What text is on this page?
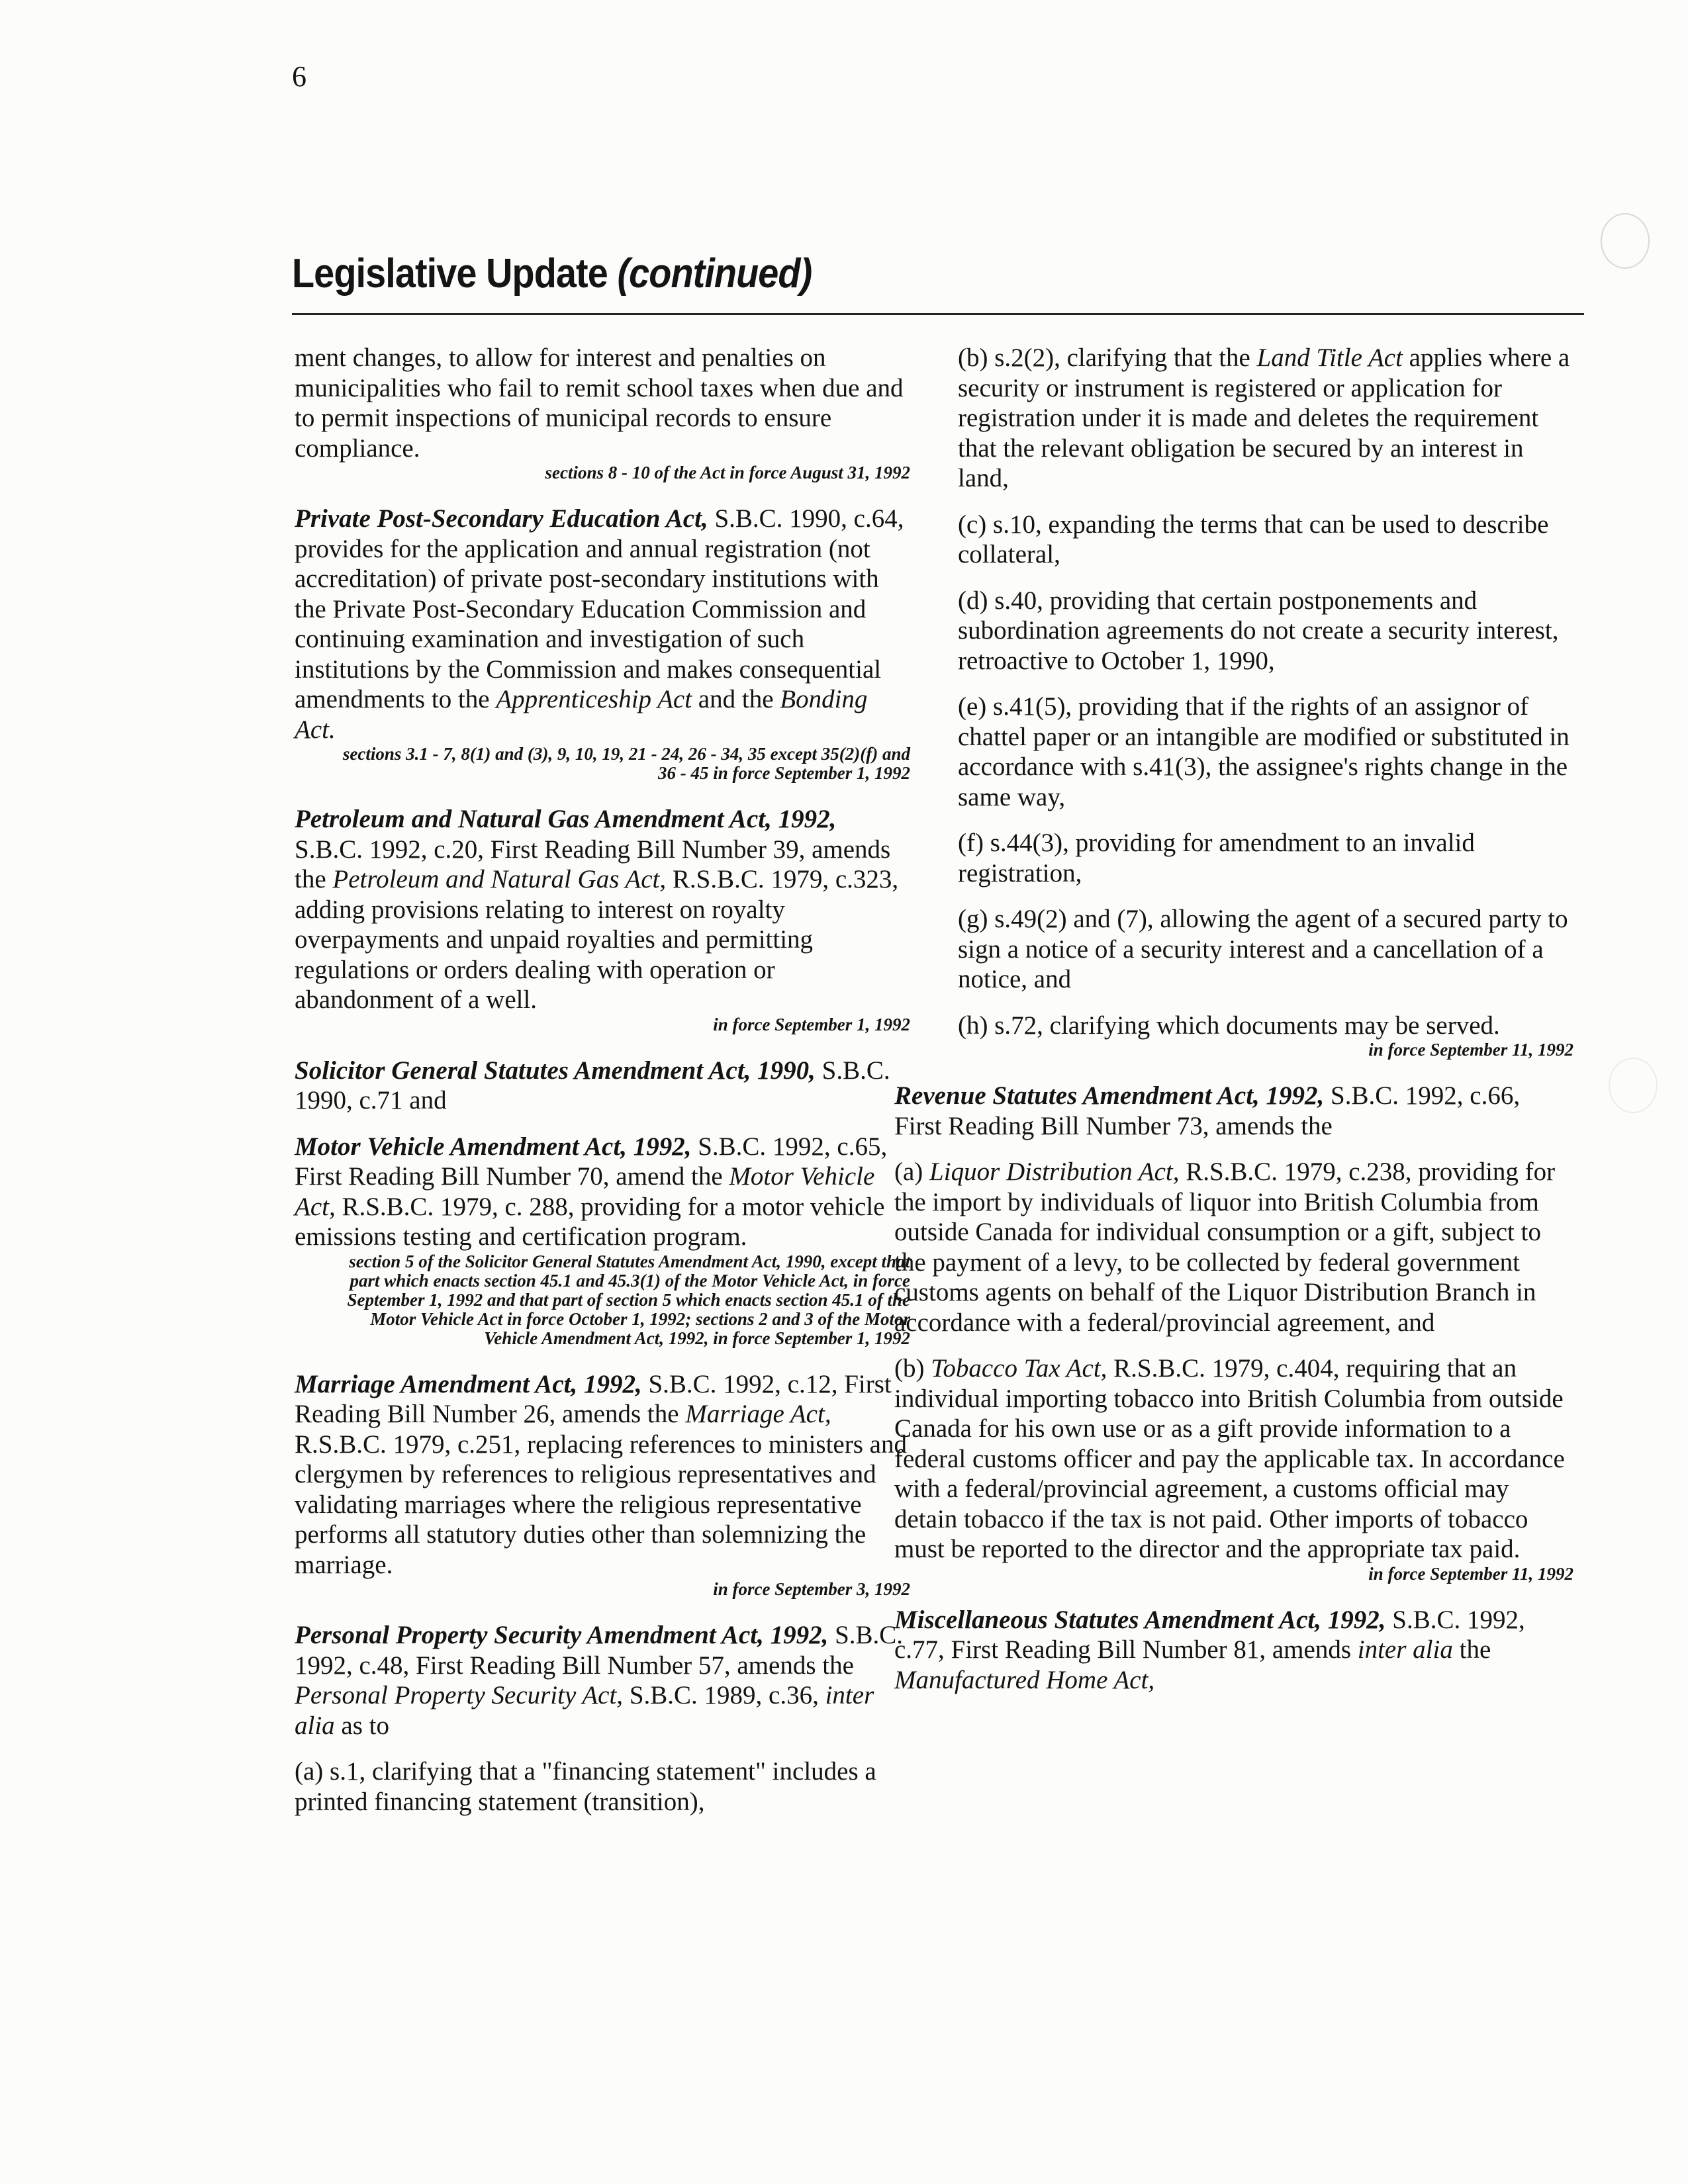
6
Legislative Update (continued)

ment changes, to allow for interest and penalties on municipalities who fail to remit school taxes when due and to permit inspections of municipal records to ensure compliance.

sections 8 - 10 of the Act in force August 31, 1992

Private Post-Secondary Education Act, S.B.C. 1990, c.64, provides for the application and annual registration (not accreditation) of private post-secondary institutions with the Private Post-Secondary Education Commission and continuing examination and investigation of such institutions by the Commission and makes consequential amendments to the Apprenticeship Act and the Bonding Act.

sections 3.1 - 7, 8(1) and (3), 9, 10, 19, 21 - 24, 26 - 34, 35 except 35(2)(f) and 36 - 45 in force September 1, 1992

Petroleum and Natural Gas Amendment Act, 1992, S.B.C. 1992, c.20, First Reading Bill Number 39, amends the Petroleum and Natural Gas Act, R.S.B.C. 1979, c.323, adding provisions relating to interest on royalty overpayments and unpaid royalties and permitting regulations or orders dealing with operation or abandonment of a well.

in force September 1, 1992

Solicitor General Statutes Amendment Act, 1990, S.B.C. 1990, c.71 and

Motor Vehicle Amendment Act, 1992, S.B.C. 1992, c.65, First Reading Bill Number 70, amend the Motor Vehicle Act, R.S.B.C. 1979, c. 288, providing for a motor vehicle emissions testing and certification program.

section 5 of the Solicitor General Statutes Amendment Act, 1990, except that part which enacts section 45.1 and 45.3(1) of the Motor Vehicle Act, in force September 1, 1992 and that part of section 5 which enacts section 45.1 of the Motor Vehicle Act in force October 1, 1992; sections 2 and 3 of the Motor Vehicle Amendment Act, 1992, in force September 1, 1992

Marriage Amendment Act, 1992, S.B.C. 1992, c.12, First Reading Bill Number 26, amends the Marriage Act, R.S.B.C. 1979, c.251, replacing references to ministers and clergymen by references to religious representatives and validating marriages where the religious representative performs all statutory duties other than solemnizing the marriage.

in force September 3, 1992

Personal Property Security Amendment Act, 1992, S.B.C. 1992, c.48, First Reading Bill Number 57, amends the Personal Property Security Act, S.B.C. 1989, c.36, inter alia as to

(a) s.1, clarifying that a "financing statement" includes a printed financing statement (transition),

(b) s.2(2), clarifying that the Land Title Act applies where a security or instrument is registered or application for registration under it is made and deletes the requirement that the relevant obligation be secured by an interest in land,

(c) s.10, expanding the terms that can be used to describe collateral,

(d) s.40, providing that certain postponements and subordination agreements do not create a security interest, retroactive to October 1, 1990,

(e) s.41(5), providing that if the rights of an assignor of chattel paper or an intangible are modified or substituted in accordance with s.41(3), the assignee's rights change in the same way,

(f) s.44(3), providing for amendment to an invalid registration,

(g) s.49(2) and (7), allowing the agent of a secured party to sign a notice of a security interest and a cancellation of a notice, and

(h) s.72, clarifying which documents may be served.

in force September 11, 1992

Revenue Statutes Amendment Act, 1992, S.B.C. 1992, c.66, First Reading Bill Number 73, amends the

(a) Liquor Distribution Act, R.S.B.C. 1979, c.238, providing for the import by individuals of liquor into British Columbia from outside Canada for individual consumption or a gift, subject to the payment of a levy, to be collected by federal government customs agents on behalf of the Liquor Distribution Branch in accordance with a federal/provincial agreement, and

(b) Tobacco Tax Act, R.S.B.C. 1979, c.404, requiring that an individual importing tobacco into British Columbia from outside Canada for his own use or as a gift provide information to a federal customs officer and pay the applicable tax. In accordance with a federal/provincial agreement, a customs official may detain tobacco if the tax is not paid. Other imports of tobacco must be reported to the director and the appropriate tax paid.

in force September 11, 1992

Miscellaneous Statutes Amendment Act, 1992, S.B.C. 1992, c.77, First Reading Bill Number 81, amends inter alia the Manufactured Home Act,
